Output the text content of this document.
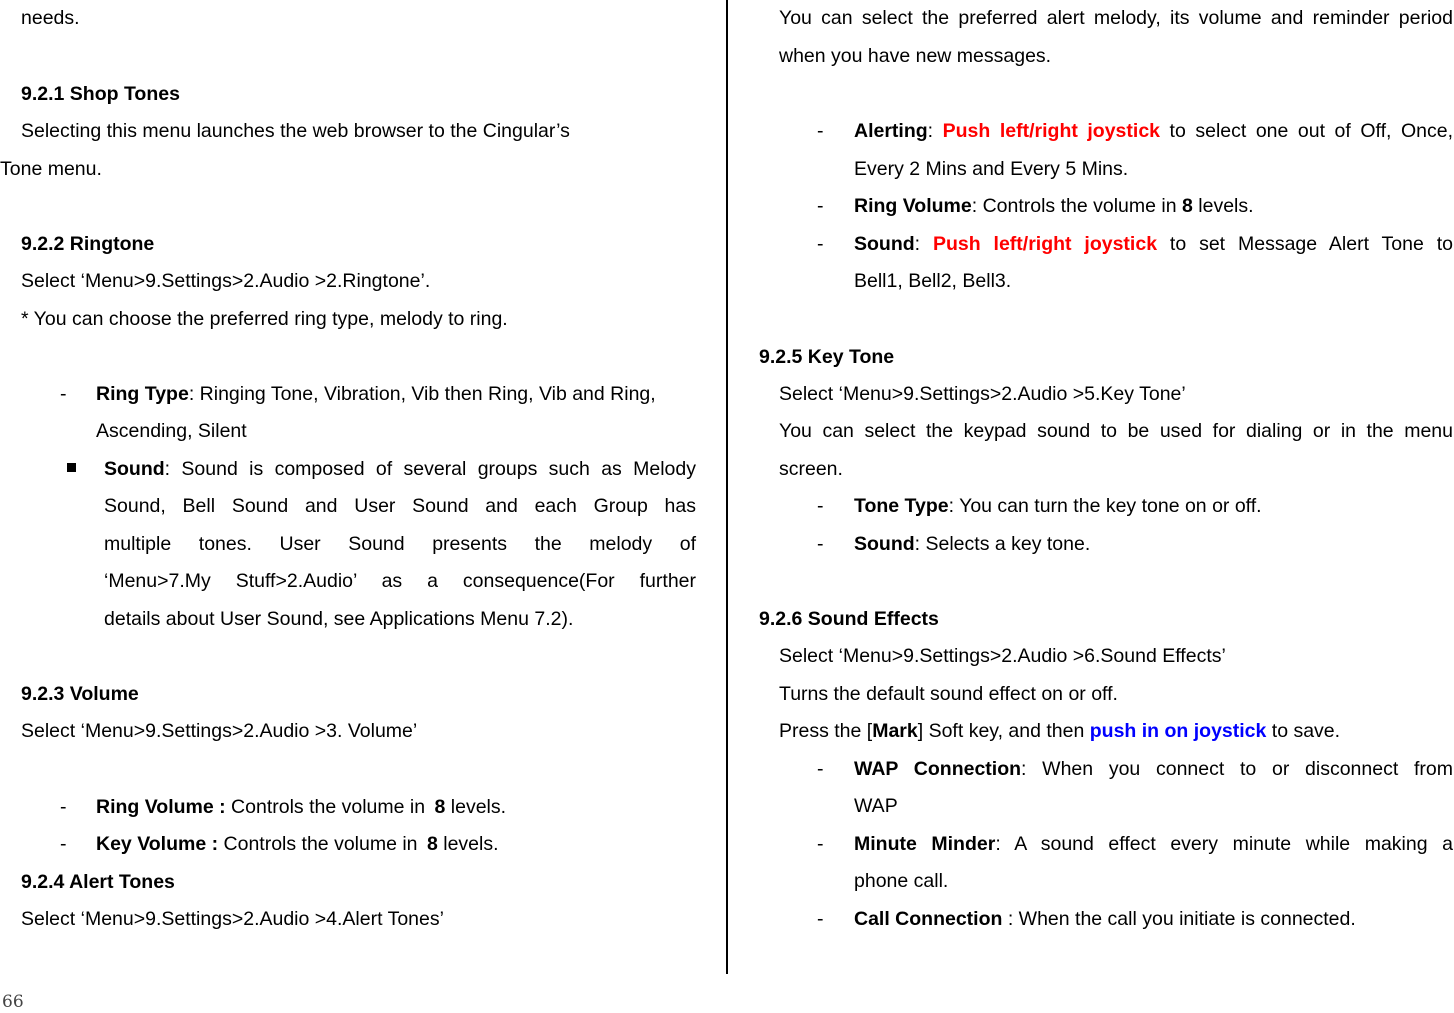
needs.
9.2.1 Shop Tones
Selecting this menu launches the web browser to the Cingular’s
Tone menu.
9.2.2 Ringtone
Select ‘Menu>9.Settings>2.Audio >2.Ringtone’.
* You can choose the preferred ring type, melody to ring.
- Ring Type: Ringing Tone, Vibration, Vib then Ring, Vib and Ring,
Ascending, Silent
Sound: Sound is composed of several groups such as Melody
Sound, Bell Sound and User Sound and each Group has
multiple tones. User Sound presents the melody of
‘Menu>7.My Stuff>2.Audio’ as a consequence(For further
details about User Sound, see Applications Menu 7.2).
9.2.3 Volume
Select ‘Menu>9.Settings>2.Audio >3. Volume’
- Ring Volume : Controls the volume in 8 levels.
- Key Volume : Controls the volume in 8 levels.
9.2.4 Alert Tones
Select ‘Menu>9.Settings>2.Audio >4.Alert Tones’
You can select the preferred alert melody, its volume and reminder period
when you have new messages.
- Alerting: Push left/right joystick to select one out of Off, Once,
Every 2 Mins and Every 5 Mins.
- Ring Volume: Controls the volume in 8 levels.
- Sound: Push left/right joystick to set Message Alert Tone to
Bell1, Bell2, Bell3.
9.2.5 Key Tone
Select ‘Menu>9.Settings>2.Audio >5.Key Tone’
You can select the keypad sound to be used for dialing or in the menu
screen.
- Tone Type: You can turn the key tone on or off.
- Sound: Selects a key tone.
9.2.6 Sound Effects
Select ‘Menu>9.Settings>2.Audio >6.Sound Effects’
Turns the default sound effect on or off.
Press the [Mark] Soft key, and then push in on joystick to save.
- WAP Connection: When you connect to or disconnect from
WAP
- Minute Minder: A sound effect every minute while making a
phone call.
- Call Connection : When the call you initiate is connected.
66
